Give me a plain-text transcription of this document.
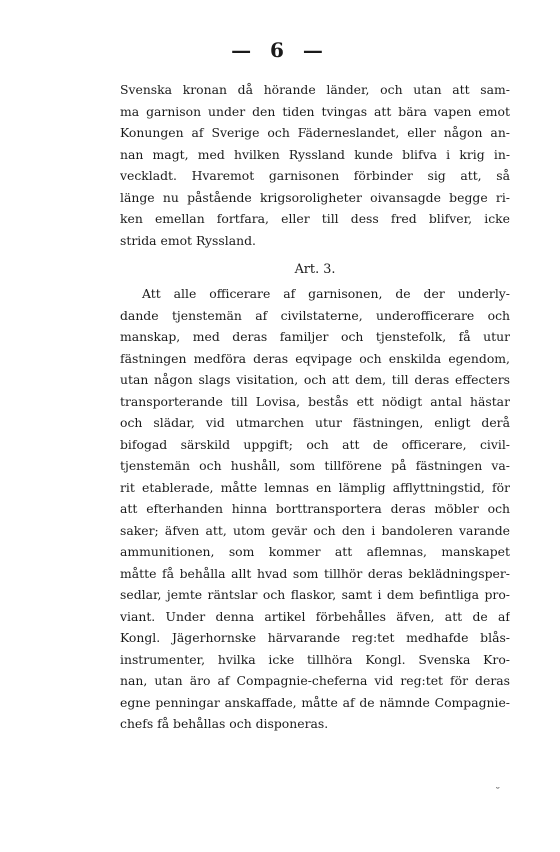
— 6 —
Svenska kronan då hörande länder, och utan att sam-
ma garnison under den tiden tvingas att bära vapen emot
Konungen af Sverige och Fäderneslandet, eller någon an-
nan magt, med hvilken Ryssland kunde blifva i krig in-
veckladt. Hvaremot garnisonen förbinder sig att, så
länge nu påstående krigsoroligheter oivansagde begge ri-
ken emellan fortfara, eller till dess fred blifver, icke
strida emot Ryssland.
Art. 3.
Att alle officerare af garnisonen, de der underly-
dande tjenstemän af civilstaterne, underofficerare och
manskap, med deras familjer och tjenstefolk, få utur
fästningen medföra deras eqvipage och enskilda egendom,
utan någon slags visitation, och att dem, till deras effecters
transporterande till Lovisa, bestås ett nödigt antal hästar
och slädar, vid utmarchen utur fästningen, enligt derå
bifogad särskild uppgift; och att de officerare, civil-
tjenstemän och hushåll, som tillförene på fästningen va-
rit etablerade, måtte lemnas en lämplig afflyttningstid, för
att efterhanden hinna borttransportera deras möbler och
saker; äfven att, utom gevär och den i bandoleren varande
ammunitionen, som kommer att aflemnas, manskapet
måtte få behålla allt hvad som tillhör deras beklädningsper-
sedlar, jemte räntslar och flaskor, samt i dem befintliga pro-
viant. Under denna artikel förbehålles äfven, att de af
Kongl. Jägerhornske härvarande reg:tet medhafde blås-
instrumenter, hvilka icke tillhöra Kongl. Svenska Kro-
nan, utan äro af Compagnie-cheferna vid reg:tet för deras
egne penningar anskaffade, måtte af de nämnde Compagnie-
chefs få behållas och disponeras.
˘
